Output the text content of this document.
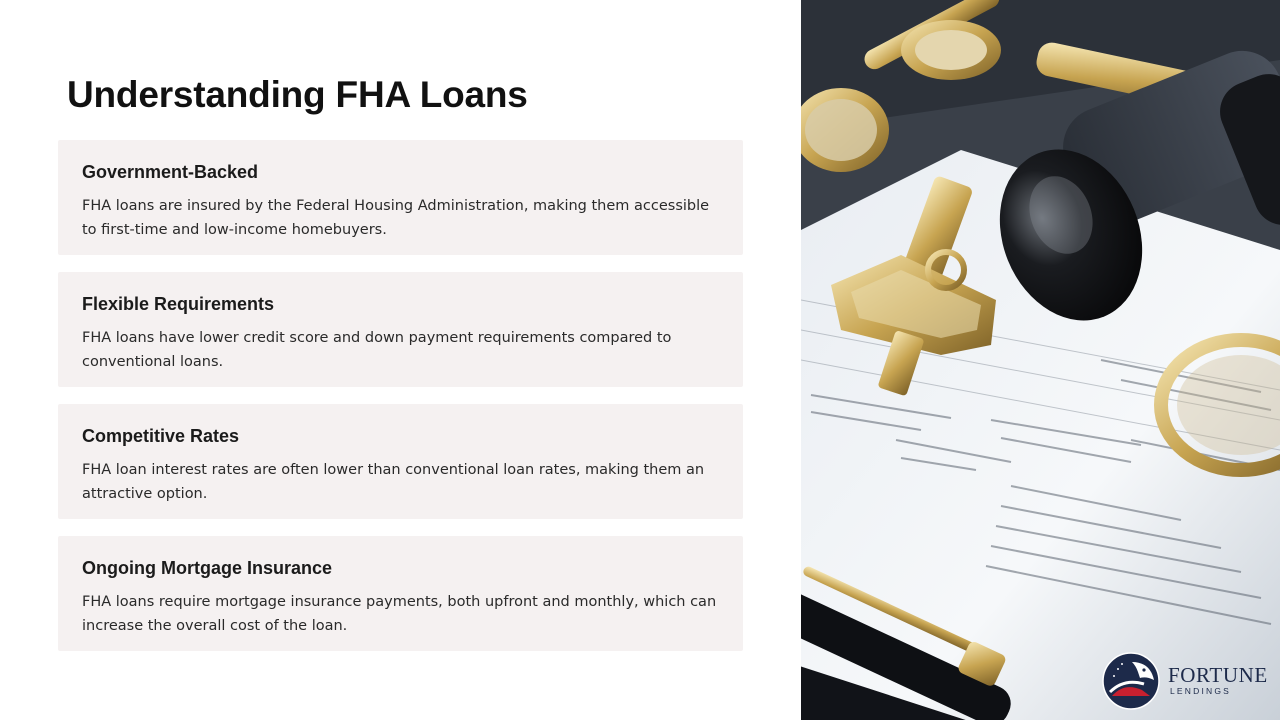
Understanding FHA Loans
Government-Backed

FHA loans are insured by the Federal Housing Administration, making them accessible to first-time and low-income homebuyers.

Flexible Requirements

FHA loans have lower credit score and down payment requirements compared to conventional loans.

Competitive Rates

FHA loan interest rates are often lower than conventional loan rates, making them an attractive option.

Ongoing Mortgage Insurance

FHA loans require mortgage insurance payments, both upfront and monthly, which can increase the overall cost of the loan.

FORTUNE
LENDINGS
